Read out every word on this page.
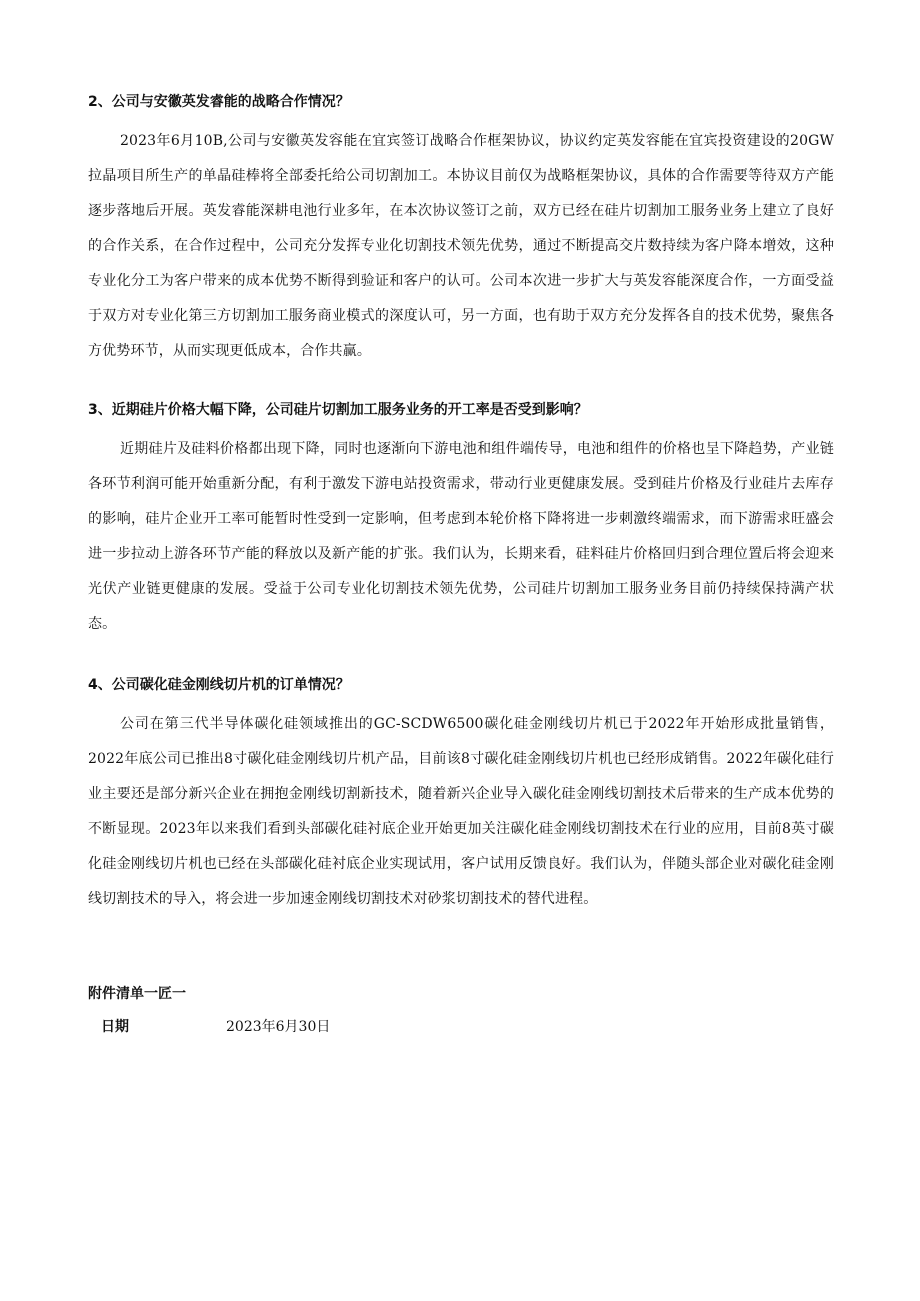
2、公司与安徽英发睿能的战略合作情况？

2023年6月10B,公司与安徽英发容能在宜宾签订战略合作框架协议，协议约定英发容能在宜宾投资建设的20GW拉晶项目所生产的单晶硅棒将全部委托给公司切割加工。本协议目前仅为战略框架协议，具体的合作需要等待双方产能逐步落地后开展。英发睿能深耕电池行业多年，在本次协议签订之前，双方已经在硅片切割加工服务业务上建立了良好的合作关系，在合作过程中，公司充分发挥专业化切割技术领先优势，通过不断提高交片数持续为客户降本增效，这种专业化分工为客户带来的成本优势不断得到验证和客户的认可。公司本次进一步扩大与英发容能深度合作，一方面受益于双方对专业化第三方切割加工服务商业模式的深度认可，另一方面，也有助于双方充分发挥各自的技术优势，聚焦各方优势环节，从而实现更低成本，合作共赢。

3、近期硅片价格大幅下降，公司硅片切割加工服务业务的开工率是否受到影响？

近期硅片及硅料价格都出现下降，同时也逐渐向下游电池和组件端传导，电池和组件的价格也呈下降趋势，产业链各环节利润可能开始重新分配，有利于激发下游电站投资需求，带动行业更健康发展。受到硅片价格及行业硅片去库存的影响，硅片企业开工率可能暂时性受到一定影响，但考虑到本轮价格下降将进一步刺激终端需求，而下游需求旺盛会进一步拉动上游各环节产能的释放以及新产能的扩张。我们认为，长期来看，硅料硅片价格回归到合理位置后将会迎来光伏产业链更健康的发展。受益于公司专业化切割技术领先优势，公司硅片切割加工服务业务目前仍持续保持满产状态。

4、公司碳化硅金刚线切片机的订单情况？

公司在第三代半导体碳化硅领域推出的GC-SCDW6500碳化硅金刚线切片机已于2022年开始形成批量销售，2022年底公司已推出8寸碳化硅金刚线切片机产品，目前该8寸碳化硅金刚线切片机也已经形成销售。2022年碳化硅行业主要还是部分新兴企业在拥抱金刚线切割新技术，随着新兴企业导入碳化硅金刚线切割技术后带来的生产成本优势的不断显现。2023年以来我们看到头部碳化硅衬底企业开始更加关注碳化硅金刚线切割技术在行业的应用，目前8英寸碳化硅金刚线切片机也已经在头部碳化硅衬底企业实现试用，客户试用反馈良好。我们认为，伴随头部企业对碳化硅金刚线切割技术的导入，将会进一步加速金刚线切割技术对砂浆切割技术的替代进程。

附件清单一匠一
日期	2023年6月30日
